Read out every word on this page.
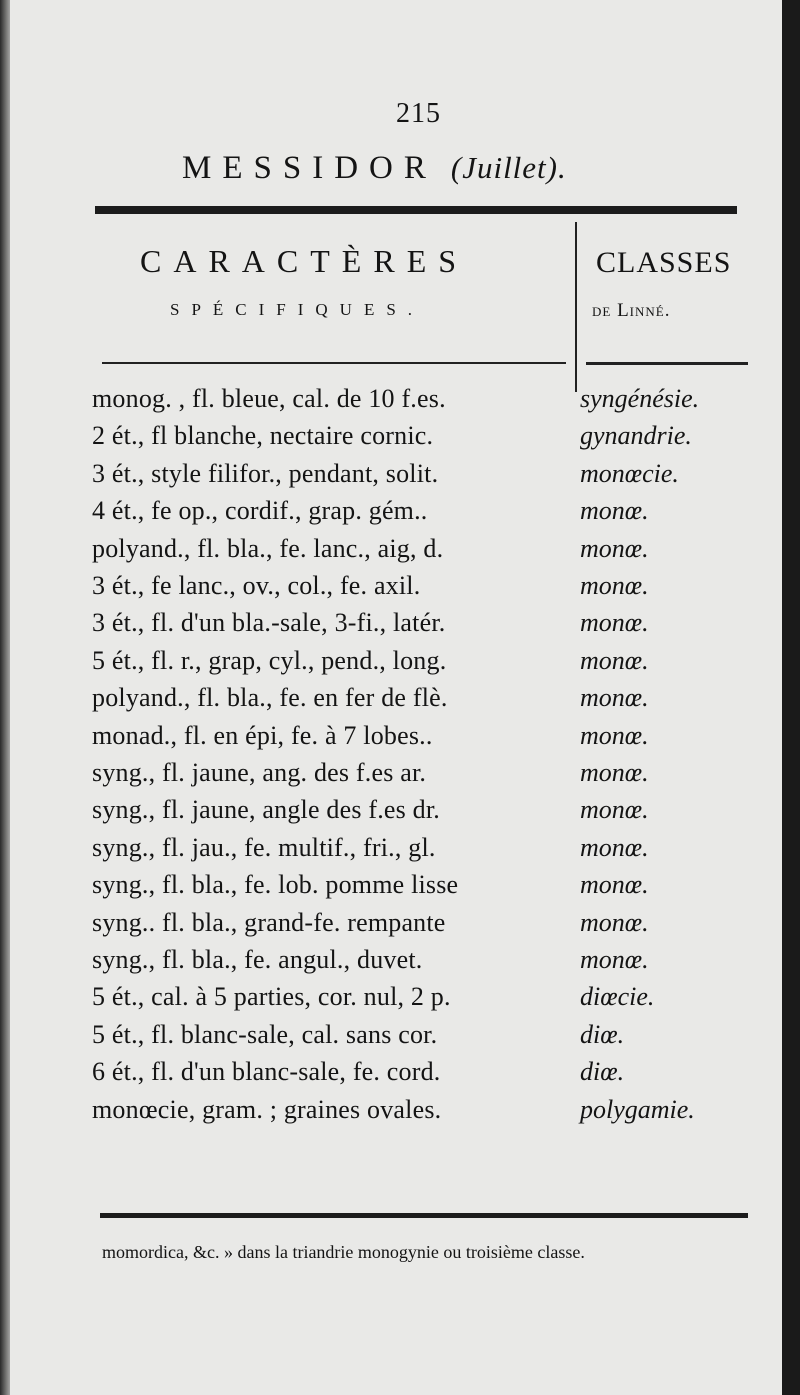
215
MESSIDOR (Juillet).
CARACTÈRES
SPÉCIFIQUES.
CLASSES
de Linné.
monog. , fl. bleue, cal. de 10 f.es.	syngénésie.
2 ét., fl blanche, nectaire cornic.	gynandrie.
3 ét., style filifor., pendant, solit.	monœcie.
4 ét., fe op., cordif., grap. gém..	monœ.
polyand., fl. bla., fe. lanc., aig, d.	monœ.
3 ét., fe lanc., ov., col., fe. axil.	monœ.
3 ét., fl. d'un bla.-sale, 3-fi., latér.	monœ.
5 ét., fl. r., grap, cyl., pend., long.	monœ.
polyand., fl. bla., fe. en fer de flè.	monœ.
monad., fl. en épi, fe. à 7 lobes..	monœ.
syng., fl. jaune, ang. des f.es ar.	monœ.
syng., fl. jaune, angle des f.es dr.	monœ.
syng., fl. jau., fe. multif., fri., gl.	monœ.
syng., fl. bla., fe. lob. pomme lisse	monœ.
syng.. fl. bla., grand-fe. rempante	monœ.
syng., fl. bla., fe. angul., duvet.	monœ.
5 ét., cal. à 5 parties, cor. nul, 2 p.	diœcie.
5 ét., fl. blanc-sale, cal. sans cor.	diœ.
6 ét., fl. d'un blanc-sale, fe. cord.	diœ.
monœcie, gram. ; graines ovales.	polygamie.
momordica, &c. » dans la triandrie monogynie ou troisième classe.
